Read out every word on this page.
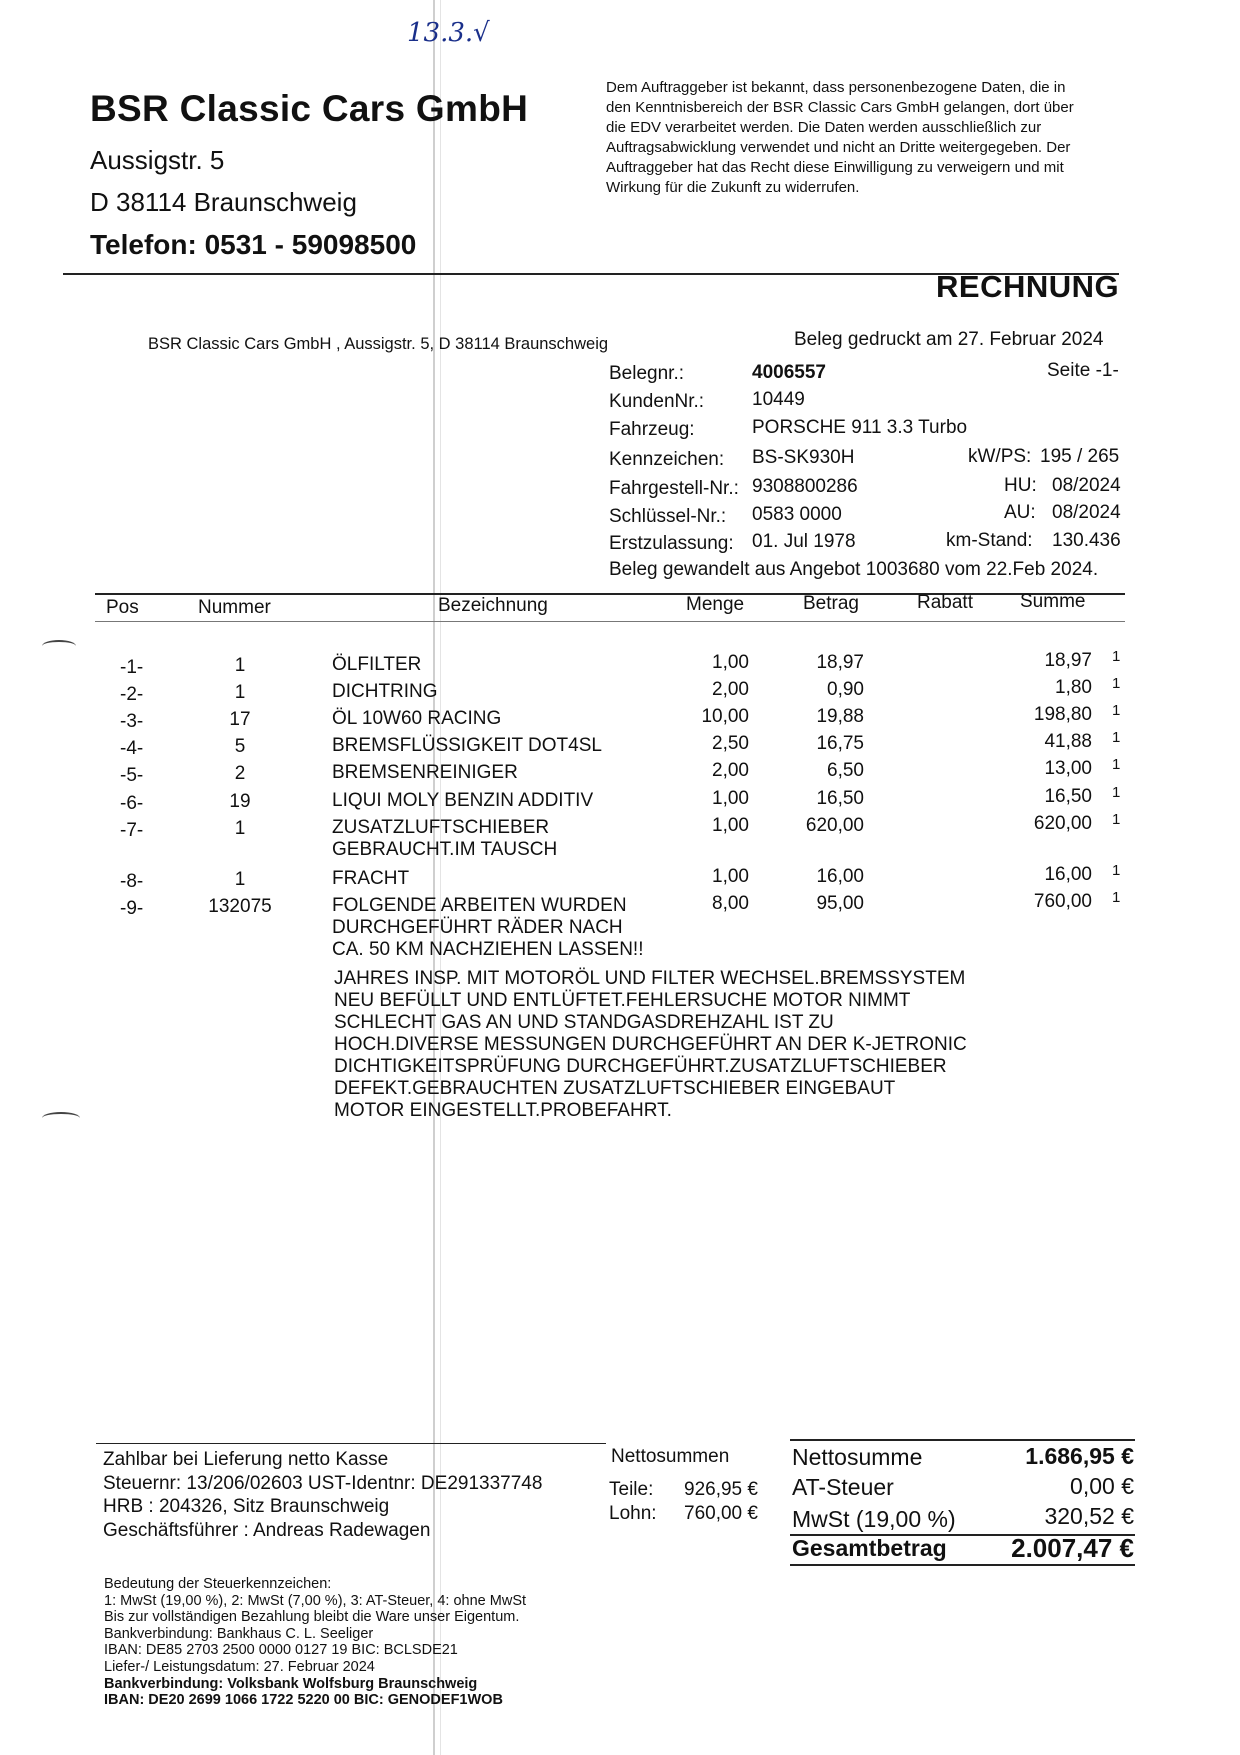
13.3.√
BSR Classic Cars GmbH
Aussigstr. 5
D 38114 Braunschweig
Telefon: 0531 - 59098500
Dem Auftraggeber ist bekannt, dass personenbezogene Daten, die in
den Kenntnisbereich der BSR Classic Cars GmbH gelangen, dort über
die EDV verarbeitet werden. Die Daten werden ausschließlich zur
Auftragsabwicklung verwendet und nicht an Dritte weitergegeben. Der
Auftraggeber hat das Recht diese Einwilligung zu verweigern und mit
Wirkung für die Zukunft zu widerrufen.
RECHNUNG
BSR Classic Cars GmbH , Aussigstr. 5, D 38114 Braunschweig	Beleg gedruckt am 27. Februar 2024
Belegnr.:	4006557	Seite -1-
KundenNr.:	10449
Fahrzeug:	PORSCHE 911 3.3 Turbo
Kennzeichen: BS-SK930H	kW/PS: 195 / 265
Fahrgestell-Nr.: 9308800286	HU: 08/2024
Schlüssel-Nr.: 0583 0000	AU: 08/2024
Erstzulassung: 01. Jul 1978	km-Stand: 130.436
Beleg gewandelt aus Angebot 1003680 vom 22.Feb 2024.
Pos	Nummer	Bezeichnung	Menge	Betrag	Rabatt Summe
-1-	1	ÖLFILTER	1,00	18,97	18,97 1
-2-	1	DICHTRING	2,00	0,90	1,80 1
-3-	17	ÖL 10W60 RACING	10,00	19,88	198,80 1
-4-	5	BREMSFLÜSSIGKEIT DOT4SL	2,50	16,75	41,88 1
-5-	2	BREMSENREINIGER	2,00	6,50	13,00 1
-6-	19	LIQUI MOLY BENZIN ADDITIV	1,00	16,50	16,50 1
-7-	1	ZUSATZLUFTSCHIEBER
GEBRAUCHT.IM TAUSCH
1,00	620,00	620,00 1
-8-	1	FRACHT	1,00	16,00	16,00 1
-9-	132075	FOLGENDE ARBEITEN WURDEN
DURCHGEFÜHRT RÄDER NACH
CA. 50 KM NACHZIEHEN LASSEN!!
8,00	95,00	760,00 1
JAHRES INSP. MIT MOTORÖL UND FILTER WECHSEL.BREMSSYSTEM
NEU BEFÜLLT UND ENTLÜFTET.FEHLERSUCHE MOTOR NIMMT
SCHLECHT GAS AN UND STANDGASDREHZAHL IST ZU
HOCH.DIVERSE MESSUNGEN DURCHGEFÜHRT AN DER K-JETRONIC
DICHTIGKEITSPRÜFUNG DURCHGEFÜHRT.ZUSATZLUFTSCHIEBER
DEFEKT.GEBRAUCHTEN ZUSATZLUFTSCHIEBER EINGEBAUT
MOTOR EINGESTELLT.PROBEFAHRT.
Zahlbar bei Lieferung netto Kasse
Steuernr: 13/206/02603 UST-Identnr: DE291337748
HRB : 204326, Sitz Braunschweig
Geschäftsführer : Andreas Radewagen
Nettosummen
Teile: 926,95 €
Lohn: 760,00 €
Nettosumme	1.686,95 €
AT-Steuer	0,00 €
MwSt (19,00 %)	320,52 €
Gesamtbetrag 2.007,47 €
Bedeutung der Steuerkennzeichen:
1: MwSt (19,00 %), 2: MwSt (7,00 %), 3: AT-Steuer, 4: ohne MwSt
Bis zur vollständigen Bezahlung bleibt die Ware unser Eigentum.
Bankverbindung: Bankhaus C. L. Seeliger
IBAN: DE85 2703 2500 0000 0127 19 BIC: BCLSDE21
Liefer-/ Leistungsdatum: 27. Februar 2024
Bankverbindung: Volksbank Wolfsburg Braunschweig
IBAN: DE20 2699 1066 1722 5220 00 BIC: GENODEF1WOB
